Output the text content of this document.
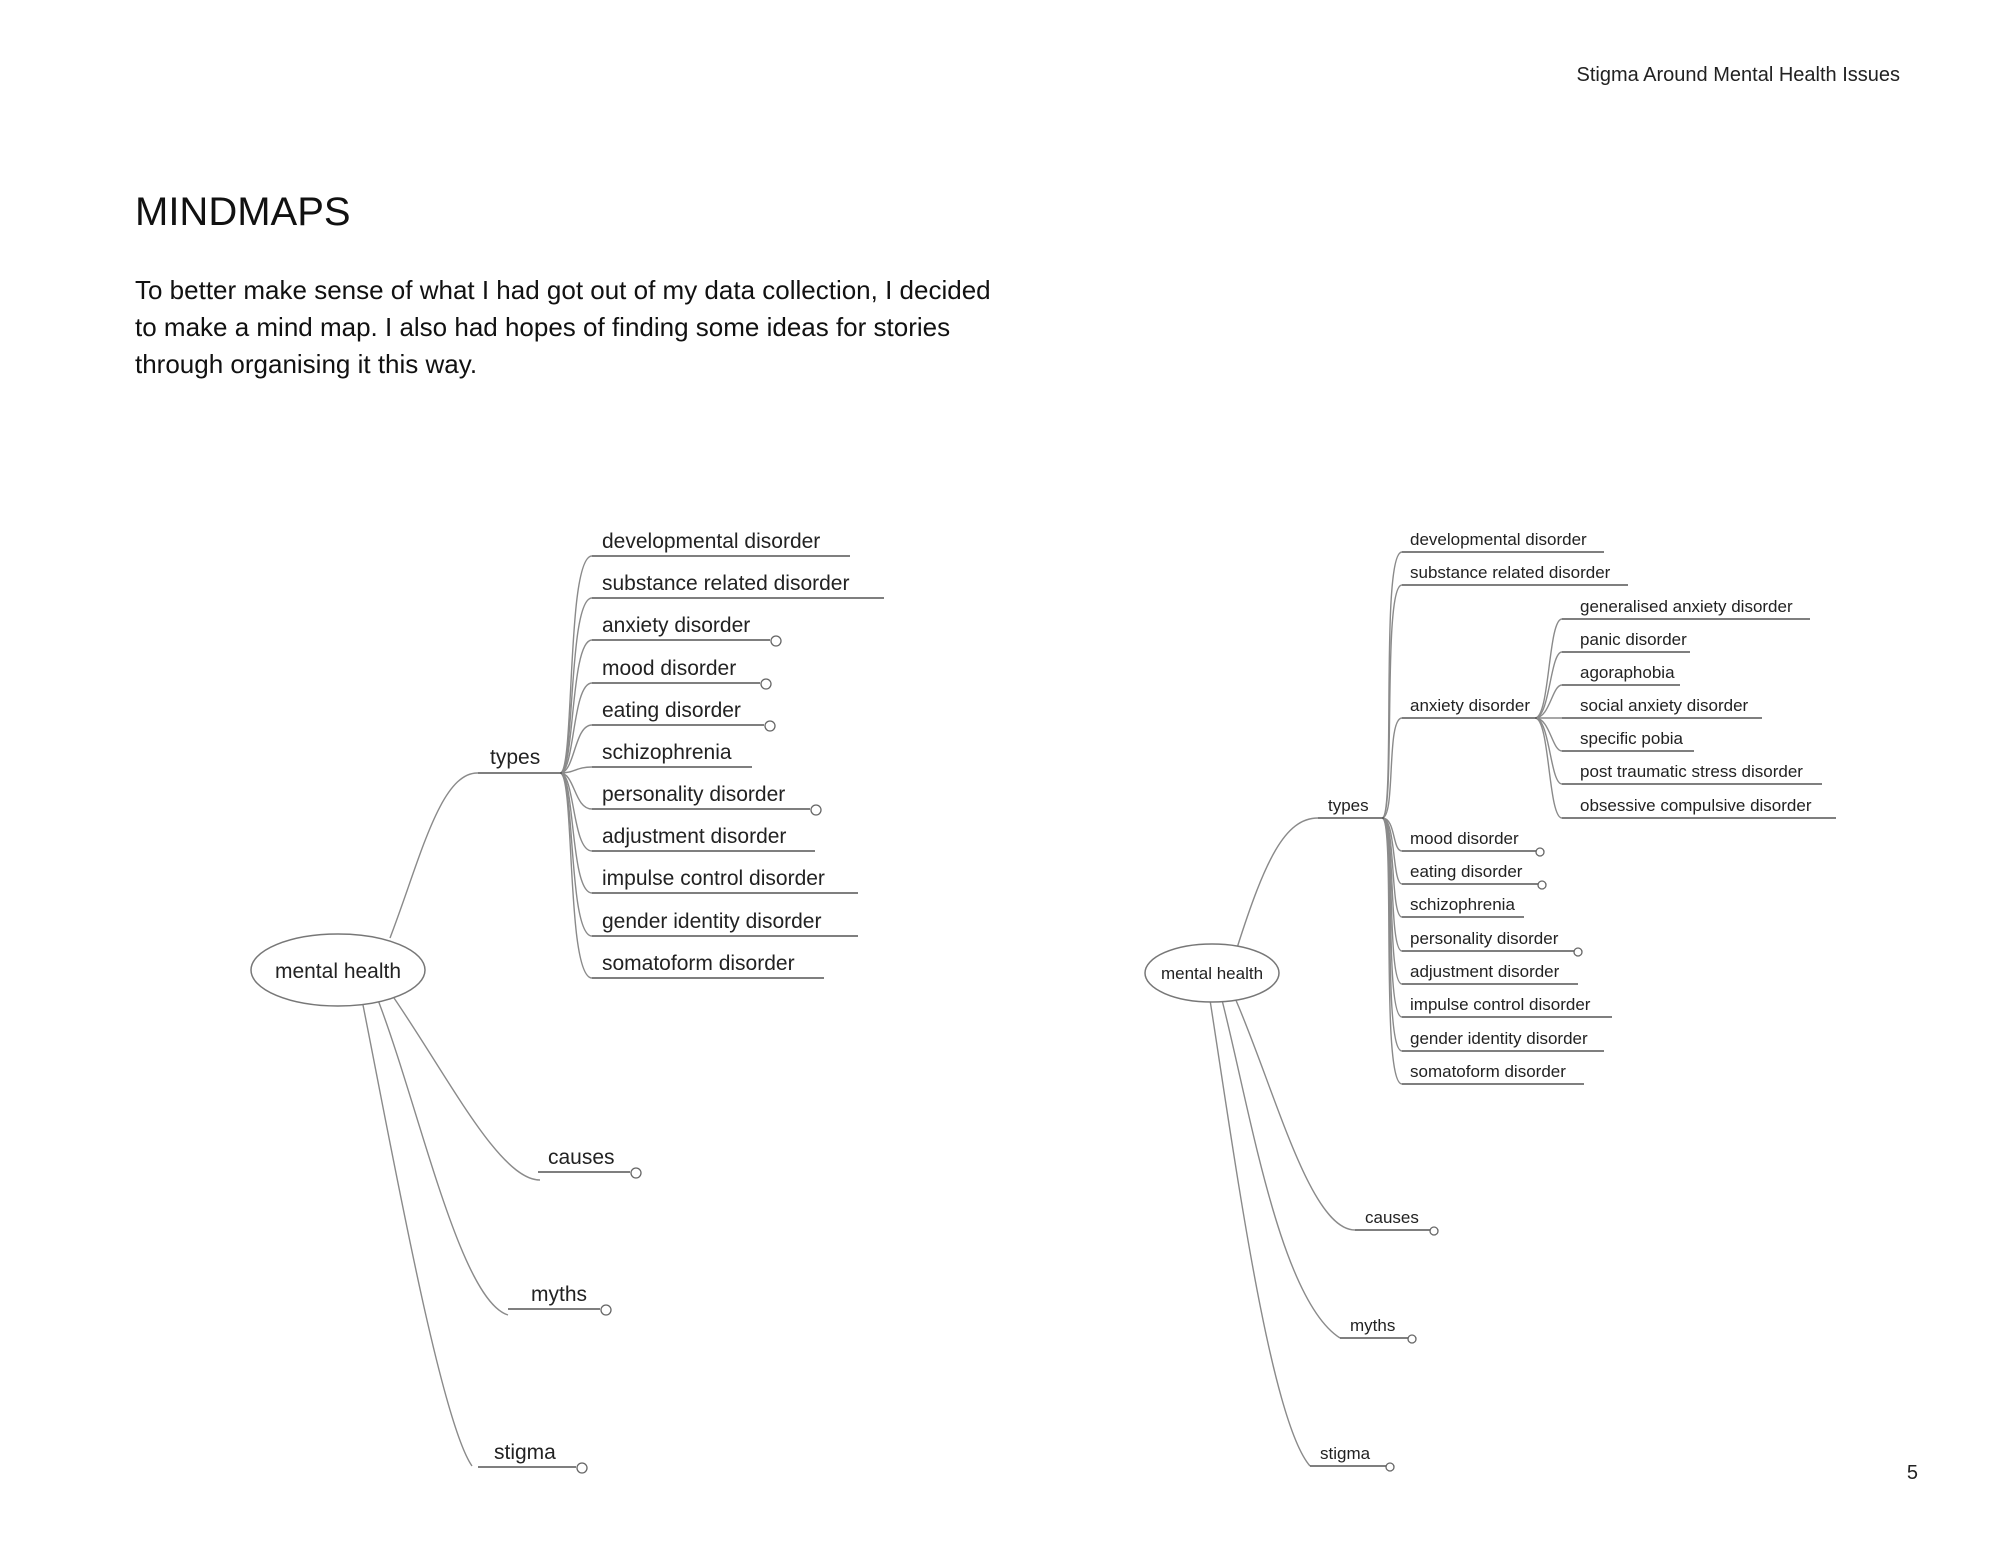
Stigma Around Mental Health Issues
MINDMAPS

To better make sense of what I had got out of my data collection, I decided to make a mind map. I also had hopes of finding some ideas for stories through organising it this way.

mental health
types
causes
myths
stigma
developmental disorder
substance related disorder
anxiety disorder
mood disorder
eating disorder
schizophrenia
personality disorder
adjustment disorder
impulse control disorder
gender identity disorder
somatoform disorder	mental health
types
causes
myths
stigma
developmental disorder
substance related disorder
anxiety disorder
mood disorder
eating disorder
schizophrenia
personality disorder
adjustment disorder
impulse control disorder
gender identity disorder
somatoform disorder
generalised anxiety disorder
panic disorder
agoraphobia
social anxiety disorder
specific pobia
post traumatic stress disorder
obsessive compulsive disorder
5
